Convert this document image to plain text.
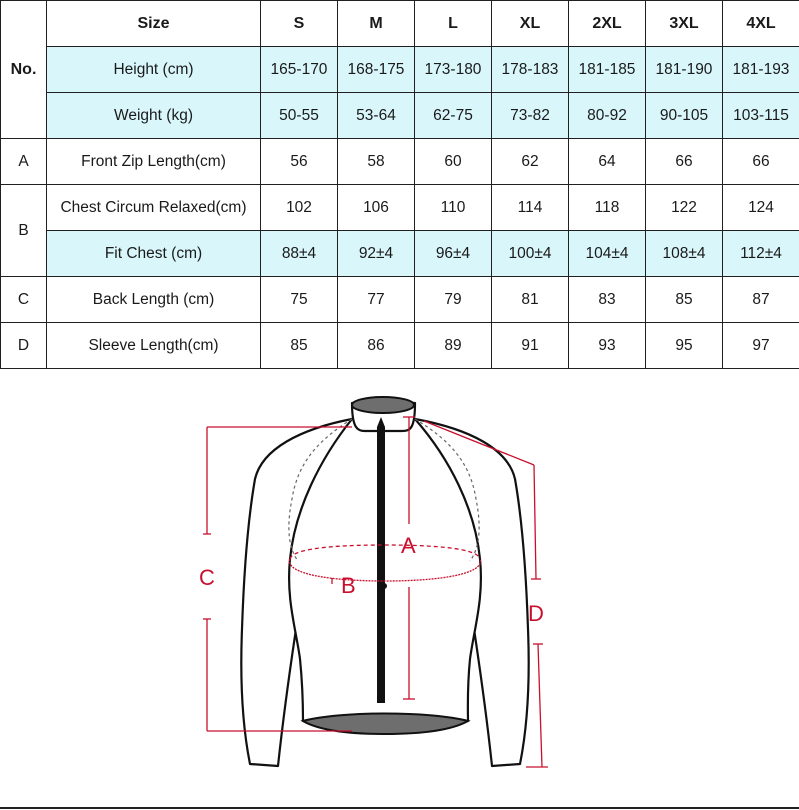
No.	Size	S	M	L	XL	2XL	3XL	4XL
	Height (cm)	165-170	168-175	173-180	178-183	181-185	181-190	181-193
	Weight (kg)	50-55	53-64	62-75	73-82	80-92	90-105	103-115
A	Front Zip Length(cm)	56	58	60	62	64	66	66
B	Chest Circum Relaxed(cm)	102	106	110	114	118	122	124
	Fit Chest (cm)	88±4	92±4	96±4	100±4	104±4	108±4	112±4
C	Back Length (cm)	75	77	79	81	83	85	87
D	Sleeve Length(cm)	85	86	89	91	93	95	97
A
B
C
D
